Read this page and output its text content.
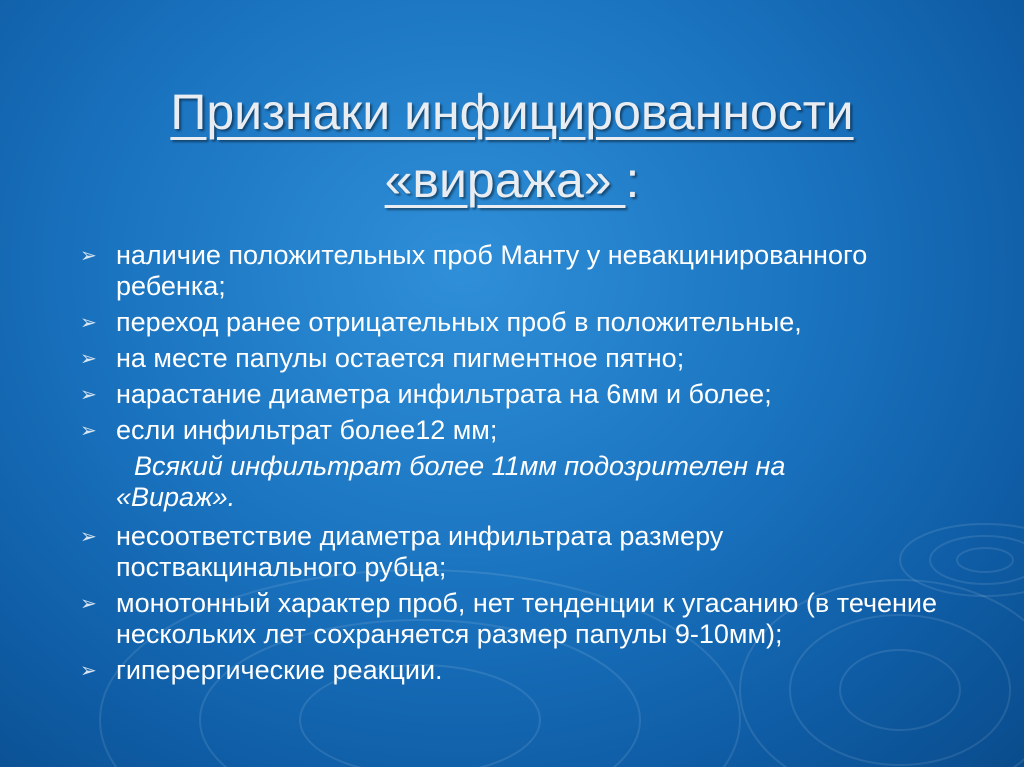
Признаки инфицированности
«виража» :
➢ наличие положительных проб Манту у невакцинированного ребенка;
➢ переход ранее отрицательных проб в положительные,
➢ на месте папулы остается пигментное пятно;
➢ нарастание диаметра инфильтрата на 6мм и более;
➢ если инфильтрат более12 мм;
Всякий инфильтрат более 11мм подозрителен на
«Вираж».
➢ несоответствие диаметра инфильтрата размеру поствакцинального рубца;
➢ монотонный характер проб, нет тенденции к угасанию (в течение нескольких лет сохраняется размер папулы 9-10мм);
➢ гиперергические реакции.
